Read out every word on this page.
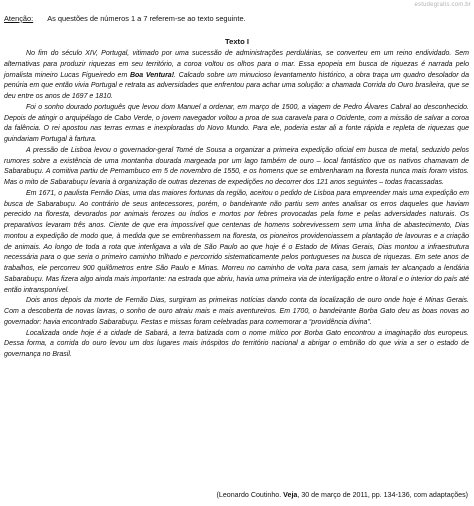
estudegratis.com.br
Atenção: As questões de números 1 a 7 referem-se ao texto seguinte.
Texto I

No fim do século XIV, Portugal, vitimado por uma sucessão de administrações perdulárias, se converteu em um reino endividado. Sem alternativas para produzir riquezas em seu território, a coroa voltou os olhos para o mar. Essa epopeia em busca de riquezas é narrada pelo jornalista mineiro Lucas Figueiredo em Boa Ventura!. Calcado sobre um minucioso levantamento histórico, a obra traça um quadro desolador da penúria em que então vivia Portugal e retrata as adversidades que enfrentou para achar uma solução: a chamada Corrida do Ouro brasileira, que se deu entre os anos de 1697 e 1810.

Foi o sonho dourado português que levou dom Manuel a ordenar, em março de 1500, a viagem de Pedro Álvares Cabral ao desconhecido. Depois de atingir o arquipélago de Cabo Verde, o jovem navegador voltou a proa de sua caravela para o Ocidente, com a missão de salvar a coroa da falência. O rei apostou nas terras ermas e inexploradas do Novo Mundo. Para ele, poderia estar ali a fonte rápida e repleta de riquezas que guindariam Portugal à fartura.

A pressão de Lisboa levou o governador-geral Tomé de Sousa a organizar a primeira expedição oficial em busca de metal, seduzido pelos rumores sobre a existência de uma montanha dourada margeada por um lago também de ouro – local fantástico que os nativos chamavam de Sabarabuçu. A comitiva partiu de Pernambuco em 5 de novembro de 1550, e os homens que se embrenharam na floresta nunca mais foram vistos. Mas o mito de Sabarabuçu levaria à organização de outras dezenas de expedições no decorrer dos 121 anos seguintes – todas fracassadas.

Em 1671, o paulista Fernão Dias, uma das maiores fortunas da região, aceitou o pedido de Lisboa para empreender mais uma expedição em busca de Sabarabuçu. Ao contrário de seus antecessores, porém, o bandeirante não partiu sem antes analisar os erros daqueles que haviam perecido na floresta, devorados por animais ferozes ou índios e mortos por febres provocadas pela fome e pelas adversidades naturais. Os preparativos levaram três anos. Ciente de que era impossível que centenas de homens sobrevivessem sem uma linha de abastecimento, Dias montou a expedição de modo que, à medida que se embrenhassem na floresta, os pioneiros providenciassem a plantação de lavouras e a criação de animais. Ao longo de toda a rota que interligava a vila de São Paulo ao que hoje é o Estado de Minas Gerais, Dias montou a infraestrutura necessária para o que seria o primeiro caminho trilhado e percorrido sistematicamente pelos portugueses na busca de riquezas. Em sete anos de trabalhos, ele percorreu 900 quilômetros entre São Paulo e Minas. Morreu no caminho de volta para casa, sem jamais ter alcançado a lendária Sabarabuçu. Mas fizera algo ainda mais importante: na estrada que abriu, havia uma primeira via de interligação entre o litoral e o interior do país até então intransponível.

Dois anos depois da morte de Fernão Dias, surgiram as primeiras notícias dando conta da localização de ouro onde hoje é Minas Gerais. Com a descoberta de novas lavras, o sonho de ouro atraiu mais e mais aventureiros. Em 1700, o bandeirante Borba Gato deu as boas novas ao governador: havia encontrado Sabarabuçu. Festas e missas foram celebradas para comemorar a “providência divina”.

Localizada onde hoje é a cidade de Sabará, a terra batizada com o nome mítico por Borba Gato encontrou a imaginação dos europeus. Dessa forma, a corrida do ouro levou um dos lugares mais inóspitos do território nacional a abrigar o embrião do que viria a ser o estado de governança no Brasil.

(Leonardo Coutinho. Veja, 30 de março de 2011, pp. 134-136, com adaptações)
